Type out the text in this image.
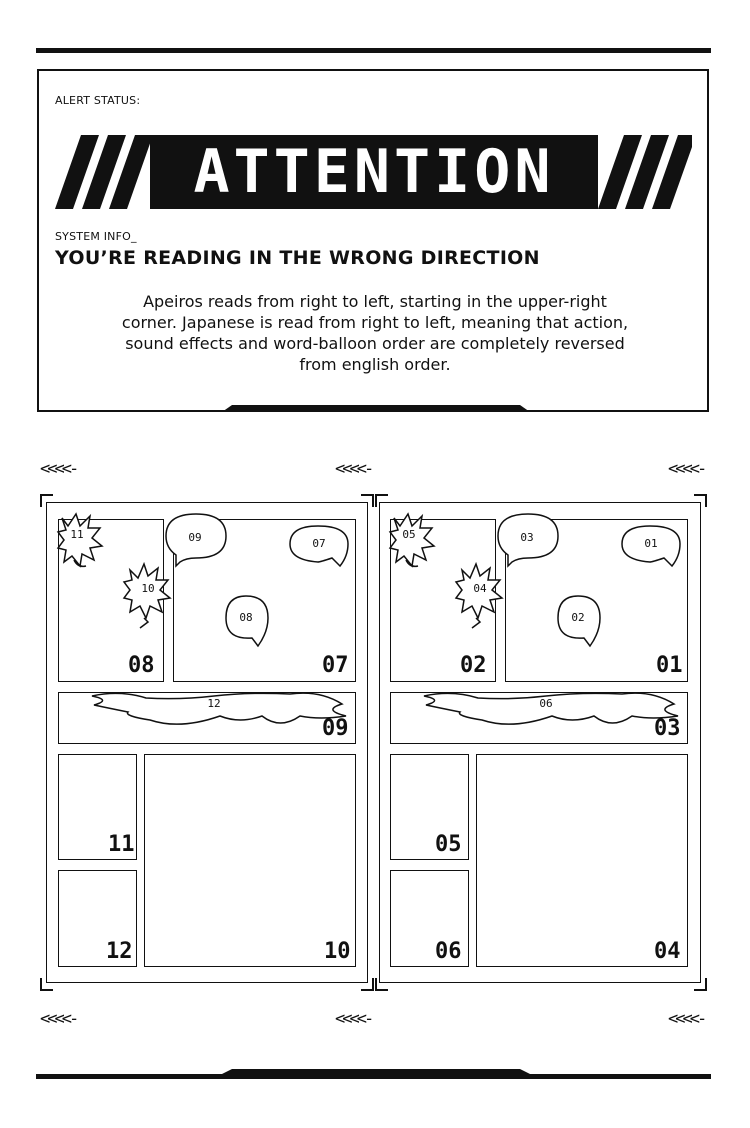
ALERT STATUS:
ATTENTION
SYSTEM INFO_
YOU’RE READING IN THE WRONG DIRECTION
Apeiros reads from right to left, starting in the upper-right corner. Japanese is read from right to left, meaning that action, sound effects and word-balloon order are completely reversed from english order.
<<<<-	<<<<-	<<<<-
<<<<-	<<<<-	<<<<-
11
10
09	07
08
12
05
04
03	01
02
06
08	07
09
11
12	10
02	01
03
05
06	04
